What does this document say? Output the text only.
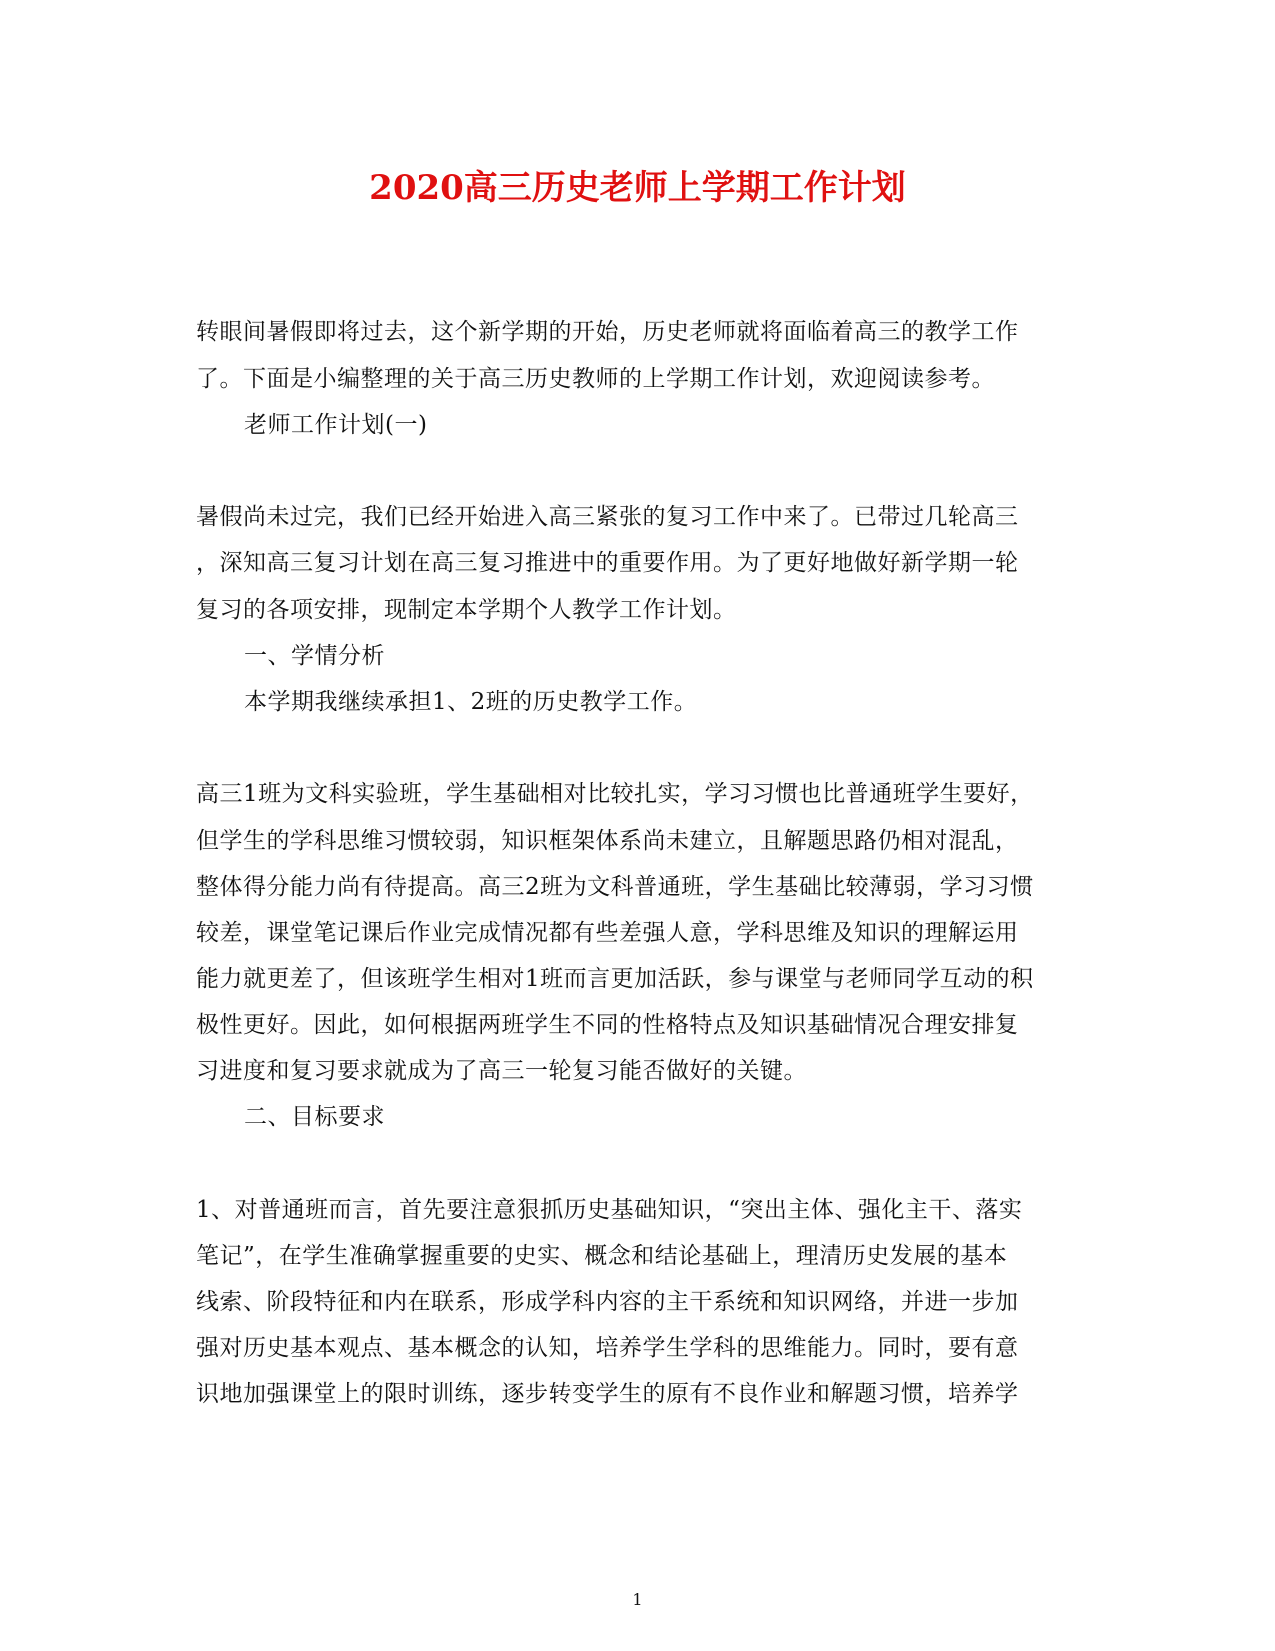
2020高三历史老师上学期工作计划
转眼间暑假即将过去，这个新学期的开始，历史老师就将面临着高三的教学工作
了。下面是小编整理的关于高三历史教师的上学期工作计划，欢迎阅读参考。
老师工作计划(一)
暑假尚未过完，我们已经开始进入高三紧张的复习工作中来了。已带过几轮高三
，深知高三复习计划在高三复习推进中的重要作用。为了更好地做好新学期一轮
复习的各项安排，现制定本学期个人教学工作计划。
一、学情分析
本学期我继续承担1、2班的历史教学工作。
高三1班为文科实验班，学生基础相对比较扎实，学习习惯也比普通班学生要好，
但学生的学科思维习惯较弱，知识框架体系尚未建立，且解题思路仍相对混乱，
整体得分能力尚有待提高。高三2班为文科普通班，学生基础比较薄弱，学习习惯
较差，课堂笔记课后作业完成情况都有些差强人意，学科思维及知识的理解运用
能力就更差了，但该班学生相对1班而言更加活跃，参与课堂与老师同学互动的积
极性更好。因此，如何根据两班学生不同的性格特点及知识基础情况合理安排复
习进度和复习要求就成为了高三一轮复习能否做好的关键。
二、目标要求
1、对普通班而言，首先要注意狠抓历史基础知识，“突出主体、强化主干、落实
笔记”，在学生准确掌握重要的史实、概念和结论基础上，理清历史发展的基本
线索、阶段特征和内在联系，形成学科内容的主干系统和知识网络，并进一步加
强对历史基本观点、基本概念的认知，培养学生学科的思维能力。同时，要有意
识地加强课堂上的限时训练，逐步转变学生的原有不良作业和解题习惯，培养学
1
